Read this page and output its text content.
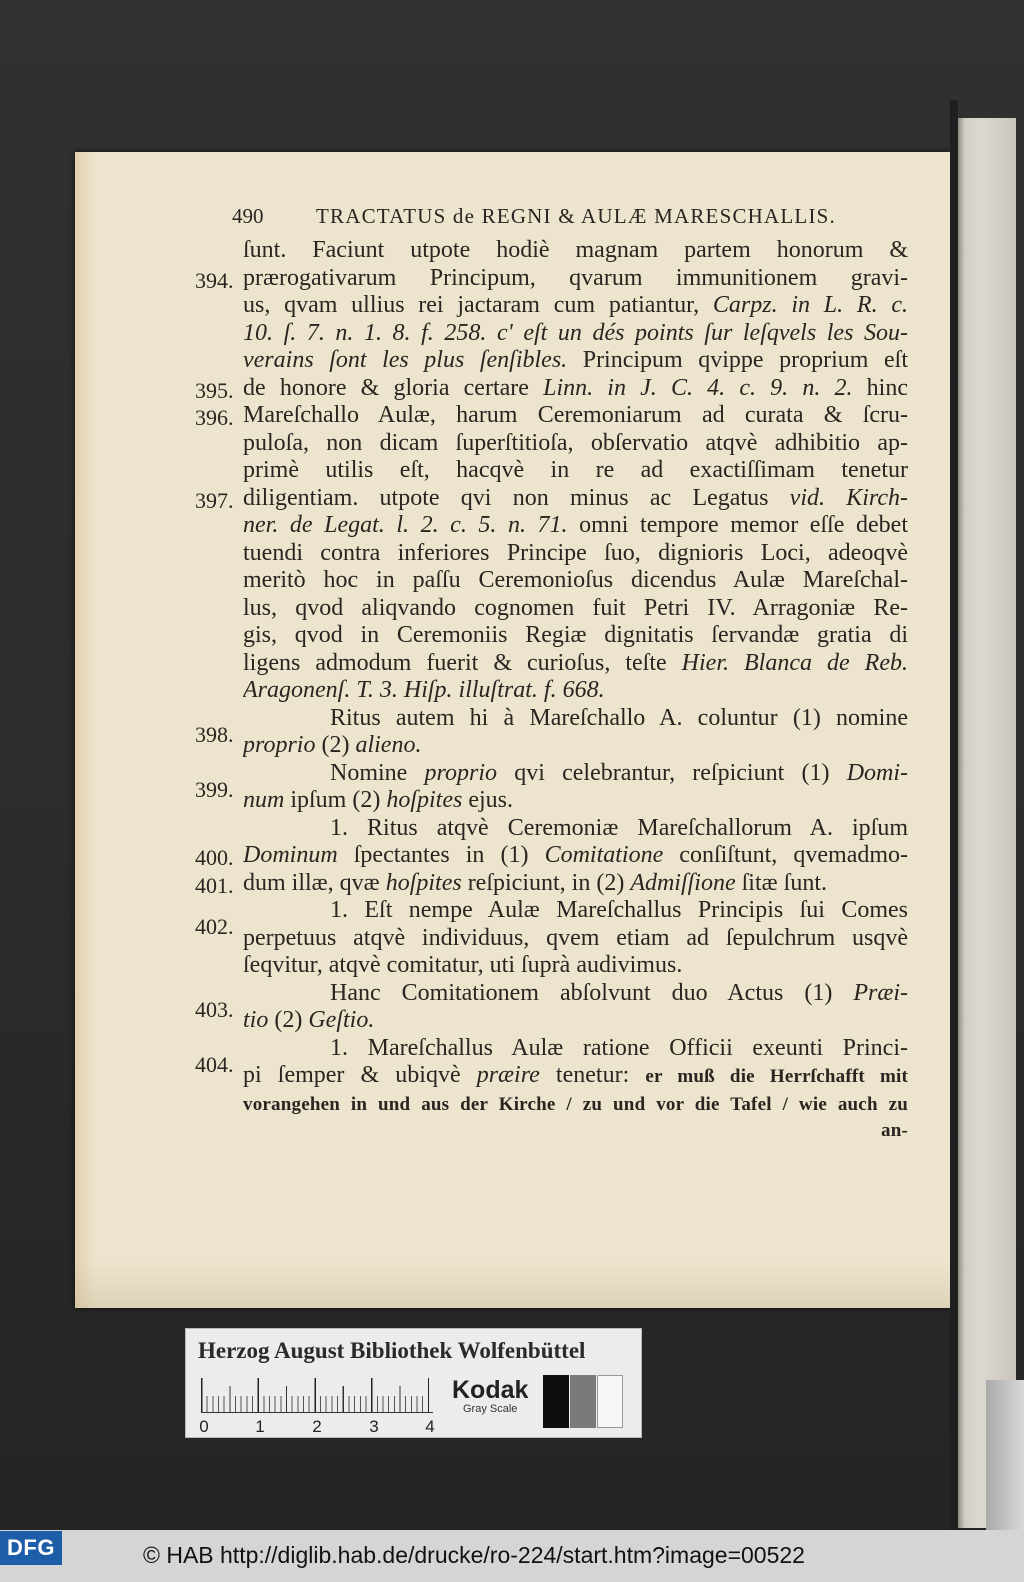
490	TRACTATUS de REGNI & AULÆ MARESCHALLIS.
ſunt. Faciunt utpote hodiè magnam partem honorum &
394. prærogativarum Principum, qvarum immunitionem gravi-
us, qvam ullius rei jactaram cum patiantur, Carpz. in L. R. c.
10. ſ. 7. n. 1. 8. f. 258. c' eſt un dés points ſur leſqvels les Sou-
verains ſont les plus ſenſibles. Principum qvippe proprium eſt
395. de honore & gloria certare Linn. in J. C. 4. c. 9. n. 2. hinc
396. Mareſchallo Aulæ, harum Ceremoniarum ad curata & ſcru-
puloſa, non dicam ſuperſtitioſa, obſervatio atqvè adhibitio ap-
primè utilis eſt, hacqvè in re ad exactiſſimam tenetur
397. diligentiam. utpote qvi non minus ac Legatus vid. Kirch-
ner. de Legat. l. 2. c. 5. n. 71. omni tempore memor eſſe debet
tuendi contra inferiores Principe ſuo, dignioris Loci, adeoqvè
meritò hoc in paſſu Ceremonioſus dicendus Aulæ Mareſchal-
lus, qvod aliqvando cognomen fuit Petri IV. Arragoniæ Re-
gis, qvod in Ceremoniis Regiæ dignitatis ſervandæ gratia di
ligens admodum fuerit & curioſus, teſte Hier. Blanca de Reb.
Aragonenſ. T. 3. Hiſp. illuſtrat. f. 668.
398.
Ritus autem hi à Mareſchallo A. coluntur (1) nomine
proprio (2) alieno.
399.
Nomine proprio qvi celebrantur, reſpiciunt (1) Domi-
num ipſum (2) hoſpites ejus.
1. Ritus atqvè Ceremoniæ Mareſchallorum A. ipſum
400. Dominum ſpectantes in (1) Comitatione conſiſtunt, qvemadmo-
401. dum illæ, qvæ hoſpites reſpiciunt, in (2) Admiſſione ſitæ ſunt.
402.
1. Eſt nempe Aulæ Mareſchallus Principis ſui Comes
perpetuus atqvè individuus, qvem etiam ad ſepulchrum usqvè
ſeqvitur, atqvè comitatur, uti ſuprà audivimus.
403.
Hanc Comitationem abſolvunt duo Actus (1) Præi-
tio (2) Geſtio.
404.
1. Mareſchallus Aulæ ratione Officii exeunti Princi-
pi ſemper & ubiqvè præire tenetur: er muß die Herrſchafft mit
vorangehen in und aus der Kirche / zu und vor die Tafel / wie auch zu
an-
Herzog August Bibliothek Wolfenbüttel
0	1	2	3	4
Kodak
Gray Scale
DFG	© HAB http://diglib.hab.de/drucke/ro-224/start.htm?image=00522
